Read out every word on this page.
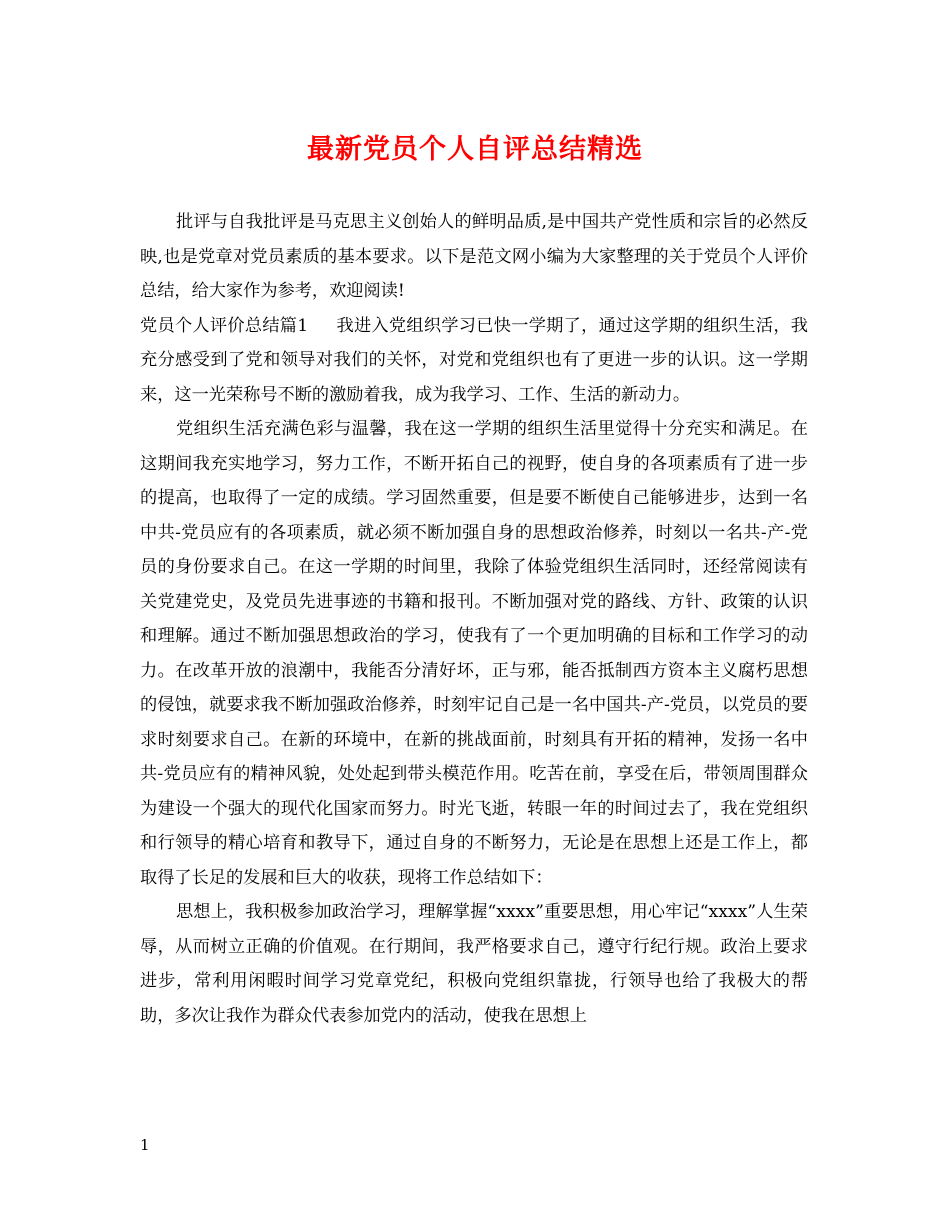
最新党员个人自评总结精选

批评与自我批评是马克思主义创始人的鲜明品质,是中国共产党性质和宗旨的必然反映,也是党章对党员素质的基本要求。以下是范文网小编为大家整理的关于党员个人评价总结，给大家作为参考，欢迎阅读!

党员个人评价总结篇1 我进入党组织学习已快一学期了，通过这学期的组织生活，我充分感受到了党和领导对我们的关怀，对党和党组织也有了更进一步的认识。这一学期来，这一光荣称号不断的激励着我，成为我学习、工作、生活的新动力。

党组织生活充满色彩与温馨，我在这一学期的组织生活里觉得十分充实和满足。在这期间我充实地学习，努力工作，不断开拓自己的视野，使自身的各项素质有了进一步的提高，也取得了一定的成绩。学习固然重要，但是要不断使自己能够进步，达到一名中共-党员应有的各项素质，就必须不断加强自身的思想政治修养，时刻以一名共-产-党员的身份要求自己。在这一学期的时间里，我除了体验党组织生活同时，还经常阅读有关党建党史，及党员先进事迹的书籍和报刊。不断加强对党的路线、方针、政策的认识和理解。通过不断加强思想政治的学习，使我有了一个更加明确的目标和工作学习的动力。在改革开放的浪潮中，我能否分清好坏，正与邪，能否抵制西方资本主义腐朽思想的侵蚀，就要求我不断加强政治修养，时刻牢记自己是一名中国共-产-党员，以党员的要求时刻要求自己。在新的环境中，在新的挑战面前，时刻具有开拓的精神，发扬一名中共-党员应有的精神风貌，处处起到带头模范作用。吃苦在前，享受在后，带领周围群众为建设一个强大的现代化国家而努力。时光飞逝，转眼一年的时间过去了，我在党组织和行领导的精心培育和教导下，通过自身的不断努力，无论是在思想上还是工作上，都取得了长足的发展和巨大的收获，现将工作总结如下：

思想上，我积极参加政治学习，理解掌握“xxxx”重要思想，用心牢记“xxxx”人生荣辱，从而树立正确的价值观。在行期间，我严格要求自己，遵守行纪行规。政治上要求进步，常利用闲暇时间学习党章党纪，积极向党组织靠拢，行领导也给了我极大的帮助，多次让我作为群众代表参加党内的活动，使我在思想上

1
